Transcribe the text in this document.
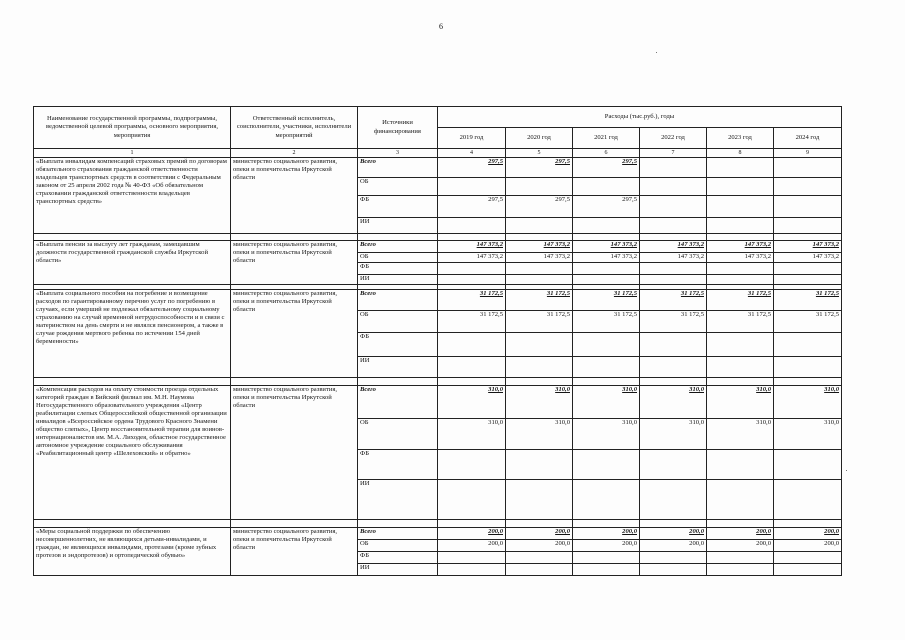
6
Наименование государственной программы, подпрограммы, ведомственной целевой программы, основного мероприятия, мероприятия	Ответственный исполнитель, соисполнители, участники, исполнители мероприятий	Источники финансирования	Расходы (тыс.руб.), годы					
			2019 год	2020 год	2021 год	2022 год	2023 год	2024 год
1	2	3	4	5	6	7	8	9
«Выплата инвалидам компенсаций страховых премий по договорам обязательного страхования гражданской ответственности владельцев транспортных средств в соответствии с Федеральным законом от 25 апреля 2002 года № 40-ФЗ «Об обязательном страховании гражданской ответственности владельцев транспортных средств»	министерство социального развития, опеки и попечительства Иркутской области	Всего	297,5	297,5	297,5			
		ОБ						
		ФБ	297,5	297,5	297,5			
		ИИ						

«Выплата пенсии за выслугу лет гражданам, замещавшим должности государственной гражданской службы Иркутской области»	министерство социального развития, опеки и попечительства Иркутской области	Всего	147 373,2	147 373,2	147 373,2	147 373,2	147 373,2	147 373,2
		ОБ	147 373,2	147 373,2	147 373,2	147 373,2	147 373,2	147 373,2
		ФБ						
		ИИ						

«Выплата социального пособия на погребение и возмещение расходов по гарантированному перечню услуг по погребению в случаях, если умерший не подлежал обязательному социальному страхованию на случай временной нетрудоспособности и в связи с материнством на день смерти и не являлся пенсионером, а также в случае рождения мертвого ребенка по истечении 154 дней беременности»	министерство социального развития, опеки и попечительства Иркутской области	Всего	31 172,5	31 172,5	31 172,5	31 172,5	31 172,5	31 172,5
		ОБ	31 172,5	31 172,5	31 172,5	31 172,5	31 172,5	31 172,5
		ФБ						
		ИИ						

«Компенсация расходов на оплату стоимости проезда отдельных категорий граждан в Бийский филиал им. М.Н. Наумова Негосударственного образовательного учреждения «Центр реабилитации слепых Общероссийской общественной организации инвалидов «Всероссийское ордена Трудового Красного Знамени общество слепых», Центр восстановительной терапии для воинов-интернационалистов им. М.А. Лиходея, областное государственное автономное учреждение социального обслуживания «Реабилитационный центр «Шелеховский» и обратно»	министерство социального развития, опеки и попечительства Иркутской области	Всего	310,0	310,0	310,0	310,0	310,0	310,0
		ОБ	310,0	310,0	310,0	310,0	310,0	310,0
		ФБ						
		ИИ						

«Меры социальной поддержки по обеспечению несовершеннолетних, не являющихся детьми-инвалидами, и граждан, не являющихся инвалидами, протезами (кроме зубных протезов и эндопротезов) и ортопедической обувью»	министерство социального развития, опеки и попечительства Иркутской области	Всего	200,0	200,0	200,0	200,0	200,0	200,0
		ОБ	200,0	200,0	200,0	200,0	200,0	200,0
		ФБ						
		ИИ						
